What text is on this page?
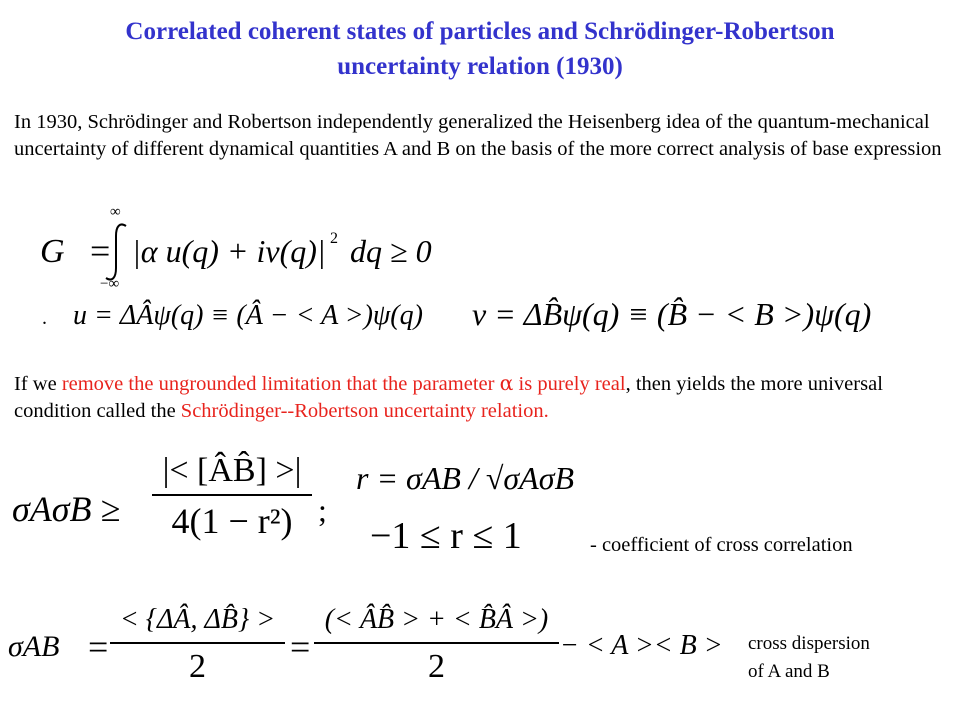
Correlated coherent states of particles and Schrödinger-Robertson
uncertainty relation (1930)
In 1930, Schrödinger and Robertson independently generalized the Heisenberg idea of the quantum-mechanical uncertainty of different dynamical quantities A and B on the basis of the more correct analysis of base expression
G =
∞
−∞
|α u(q) + iv(q)| 2 dq ≥ 0
. u = ΔÂψ(q) ≡ (Â − < A >)ψ(q) v = ΔB̂ψ(q) ≡ (B̂ − < B >)ψ(q)
If we remove the ungrounded limitation that the parameter α is purely real, then yields the more universal condition called the Schrödinger--Robertson uncertainty relation.
$\sigma A\sigma B \ge \frac{|< [ÂB̂] >|}{\text{4(1 − r²)}}$ ;
r = σAB / √σAσB
−1 ≤ r ≤ 1	- coefficient of cross correlation
σAB =
< {ΔÂ, ΔB̂} >
2	=
(< ÂB̂ > + < B̂Â >)
2
− < A >< B > cross dispersion
of A and B
